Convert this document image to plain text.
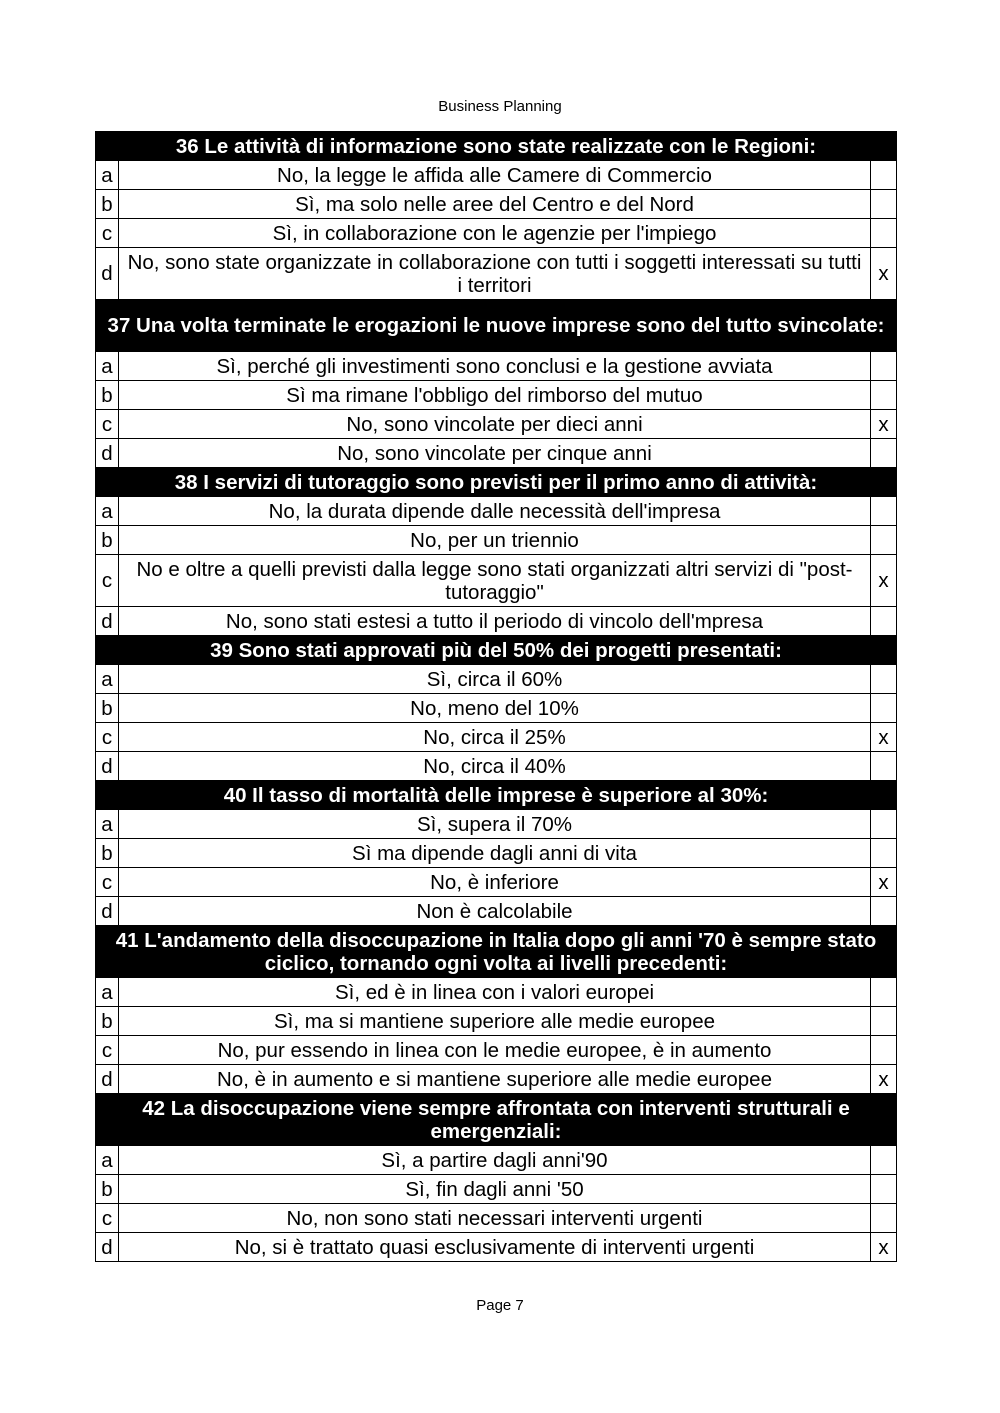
Business Planning
36 Le attività di informazione sono state realizzate con le Regioni:		
a	No, la legge le affida alle Camere di Commercio	
b	Sì, ma solo nelle aree del Centro e del Nord	
c	Sì, in collaborazione con le agenzie per l'impiego	
d	No, sono state organizzate in collaborazione con tutti i soggetti interessati su tutti i territori	x
37 Una volta terminate le erogazioni le nuove imprese sono del tutto svincolate:		
a	Sì, perché gli investimenti sono conclusi e la gestione avviata	
b	Sì ma rimane l'obbligo del rimborso del mutuo	
c	No, sono vincolate per dieci anni	x
d	No, sono vincolate per cinque anni	
38 I servizi di tutoraggio sono previsti per il primo anno di attività:		
a	No, la durata dipende dalle necessità dell'impresa	
b	No, per un triennio	
c	No e oltre a quelli previsti dalla legge sono stati organizzati altri servizi di "post-tutoraggio"	x
d	No, sono stati estesi a tutto il periodo di vincolo dell'mpresa	
39 Sono stati approvati più del 50% dei progetti presentati:		
a	Sì, circa il 60%	
b	No, meno del 10%	
c	No, circa il 25%	x
d	No, circa il 40%	
40 Il tasso di mortalità delle imprese è superiore al 30%:		
a	Sì, supera il 70%	
b	Sì ma dipende dagli anni di vita	
c	No, è inferiore	x
d	Non è calcolabile	
41 L'andamento della disoccupazione in Italia dopo gli anni '70 è sempre stato ciclico, tornando ogni volta ai livelli precedenti:		
a	Sì, ed è in linea con i valori europei	
b	Sì, ma si mantiene superiore alle medie europee	
c	No, pur essendo in linea con le medie europee, è in aumento	
d	No, è in aumento e si mantiene superiore alle medie europee	x
42 La disoccupazione viene sempre affrontata con interventi strutturali e emergenziali:		
a	Sì, a partire dagli anni'90	
b	Sì, fin dagli anni '50	
c	No, non sono stati necessari interventi urgenti	
d	No, si è trattato quasi esclusivamente di interventi urgenti	x
Page 7
